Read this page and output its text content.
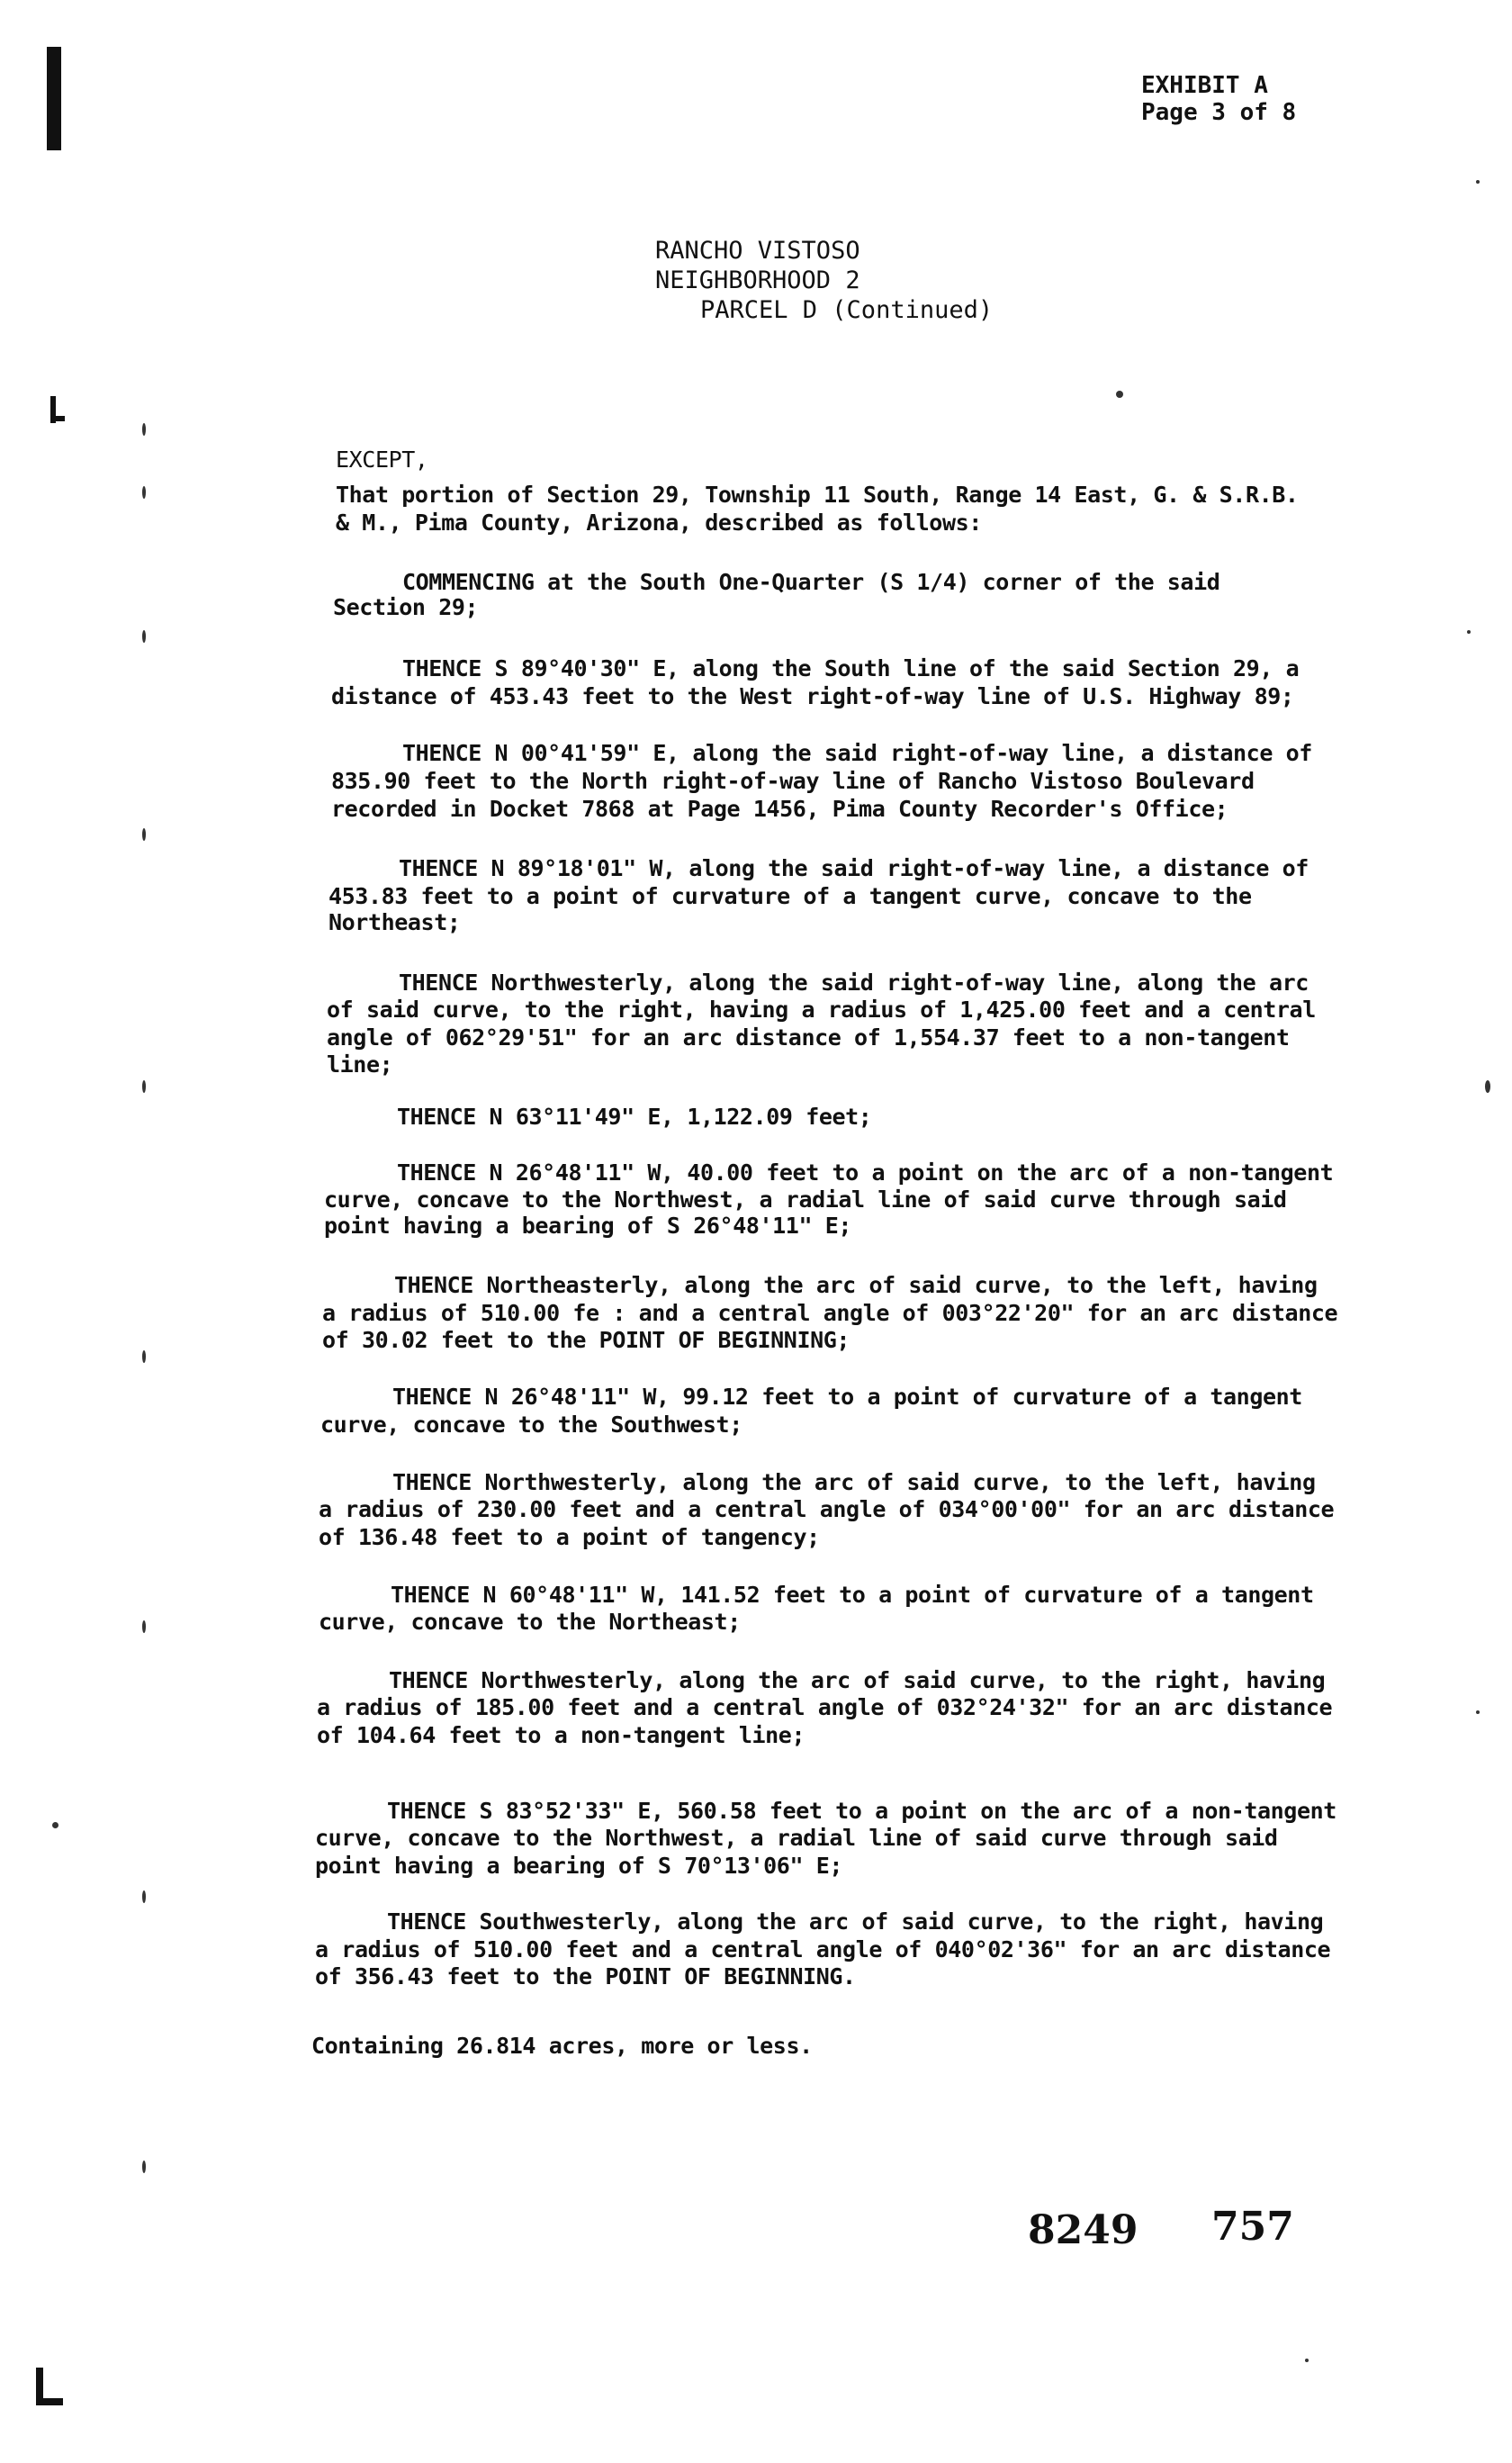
EXHIBIT A
Page 3 of 8
RANCHO VISTOSO
NEIGHBORHOOD 2
PARCEL D (Continued)
EXCEPT,
That portion of Section 29, Township 11 South, Range 14 East, G. & S.R.B.
& M., Pima County, Arizona, described as follows:
COMMENCING at the South One-Quarter (S 1/4) corner of the said
Section 29;
THENCE S 89°40'30" E, along the South line of the said Section 29, a
distance of 453.43 feet to the West right-of-way line of U.S. Highway 89;
THENCE N 00°41'59" E, along the said right-of-way line, a distance of
835.90 feet to the North right-of-way line of Rancho Vistoso Boulevard
recorded in Docket 7868 at Page 1456, Pima County Recorder's Office;
THENCE N 89°18'01" W, along the said right-of-way line, a distance of
453.83 feet to a point of curvature of a tangent curve, concave to the
Northeast;
THENCE Northwesterly, along the said right-of-way line, along the arc
of said curve, to the right, having a radius of 1,425.00 feet and a central
angle of 062°29'51" for an arc distance of 1,554.37 feet to a non-tangent
line;
THENCE N 63°11'49" E, 1,122.09 feet;
THENCE N 26°48'11" W, 40.00 feet to a point on the arc of a non-tangent
curve, concave to the Northwest, a radial line of said curve through said
point having a bearing of S 26°48'11" E;
THENCE Northeasterly, along the arc of said curve, to the left, having
a radius of 510.00 fe : and a central angle of 003°22'20" for an arc distance
of 30.02 feet to the POINT OF BEGINNING;
THENCE N 26°48'11" W, 99.12 feet to a point of curvature of a tangent
curve, concave to the Southwest;
THENCE Northwesterly, along the arc of said curve, to the left, having
a radius of 230.00 feet and a central angle of 034°00'00" for an arc distance
of 136.48 feet to a point of tangency;
THENCE N 60°48'11" W, 141.52 feet to a point of curvature of a tangent
curve, concave to the Northeast;
THENCE Northwesterly, along the arc of said curve, to the right, having
a radius of 185.00 feet and a central angle of 032°24'32" for an arc distance
of 104.64 feet to a non-tangent line;
THENCE S 83°52'33" E, 560.58 feet to a point on the arc of a non-tangent
curve, concave to the Northwest, a radial line of said curve through said
point having a bearing of S 70°13'06" E;
THENCE Southwesterly, along the arc of said curve, to the right, having
a radius of 510.00 feet and a central angle of 040°02'36" for an arc distance
of 356.43 feet to the POINT OF BEGINNING.
Containing 26.814 acres, more or less.
8249 757
